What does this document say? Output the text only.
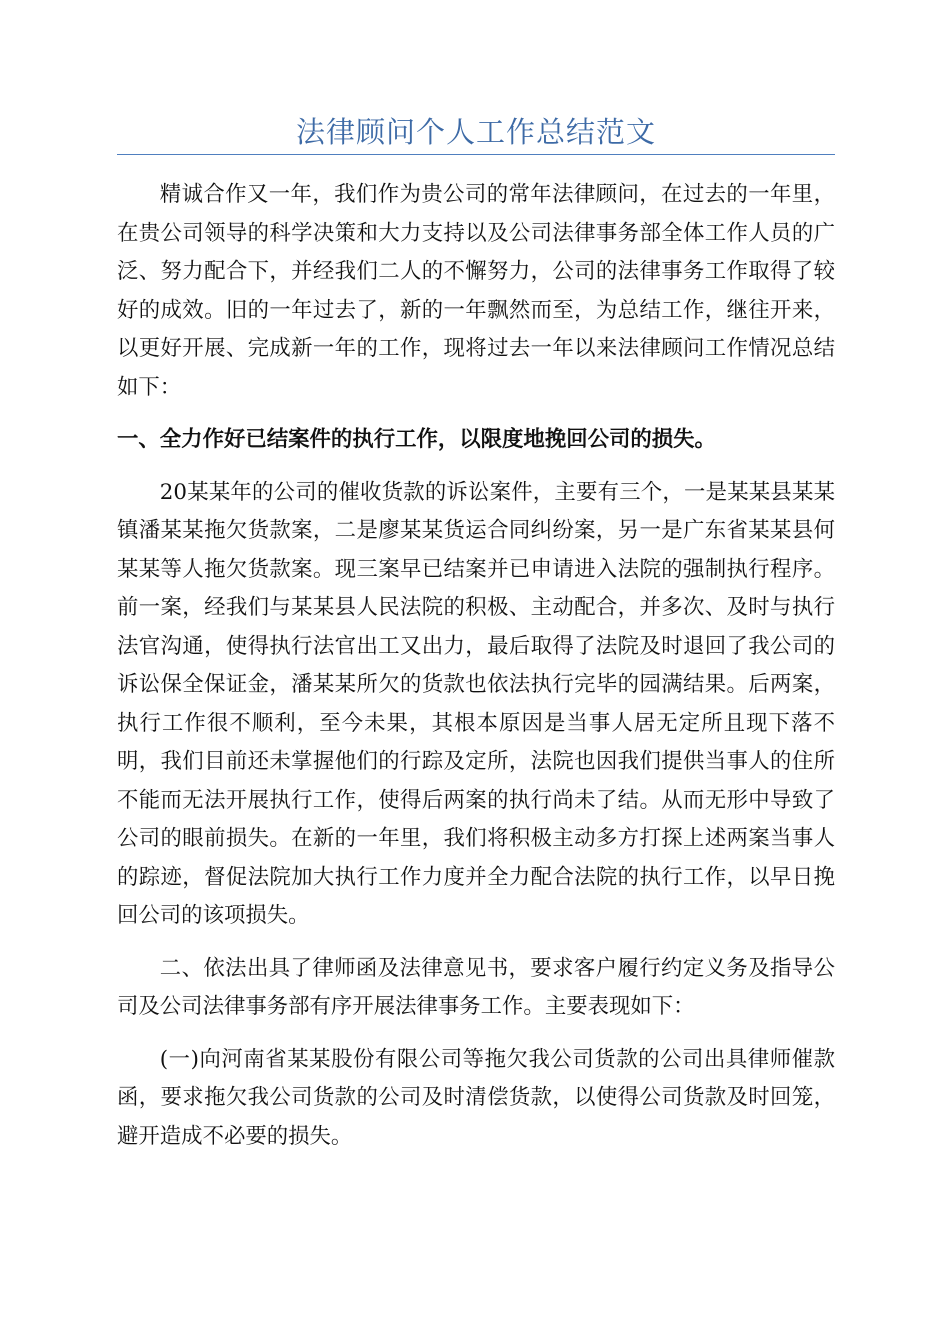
法律顾问个人工作总结范文

精诚合作又一年，我们作为贵公司的常年法律顾问，在过去的一年里，在贵公司领导的科学决策和大力支持以及公司法律事务部全体工作人员的广泛、努力配合下，并经我们二人的不懈努力，公司的法律事务工作取得了较好的成效。旧的一年过去了，新的一年飘然而至，为总结工作，继往开来，以更好开展、完成新一年的工作，现将过去一年以来法律顾问工作情况总结如下：

一、全力作好已结案件的执行工作，以限度地挽回公司的损失。

20某某年的公司的催收货款的诉讼案件，主要有三个，一是某某县某某镇潘某某拖欠货款案，二是廖某某货运合同纠纷案，另一是广东省某某县何某某等人拖欠货款案。现三案早已结案并已申请进入法院的强制执行程序。前一案，经我们与某某县人民法院的积极、主动配合，并多次、及时与执行法官沟通，使得执行法官出工又出力，最后取得了法院及时退回了我公司的诉讼保全保证金，潘某某所欠的货款也依法执行完毕的园满结果。后两案，执行工作很不顺利，至今未果，其根本原因是当事人居无定所且现下落不明，我们目前还未掌握他们的行踪及定所，法院也因我们提供当事人的住所不能而无法开展执行工作，使得后两案的执行尚未了结。从而无形中导致了公司的眼前损失。在新的一年里，我们将积极主动多方打探上述两案当事人的踪迹，督促法院加大执行工作力度并全力配合法院的执行工作，以早日挽回公司的该项损失。

二、依法出具了律师函及法律意见书，要求客户履行约定义务及指导公司及公司法律事务部有序开展法律事务工作。主要表现如下：

(一)向河南省某某股份有限公司等拖欠我公司货款的公司出具律师催款函，要求拖欠我公司货款的公司及时清偿货款，以使得公司货款及时回笼，避开造成不必要的损失。
